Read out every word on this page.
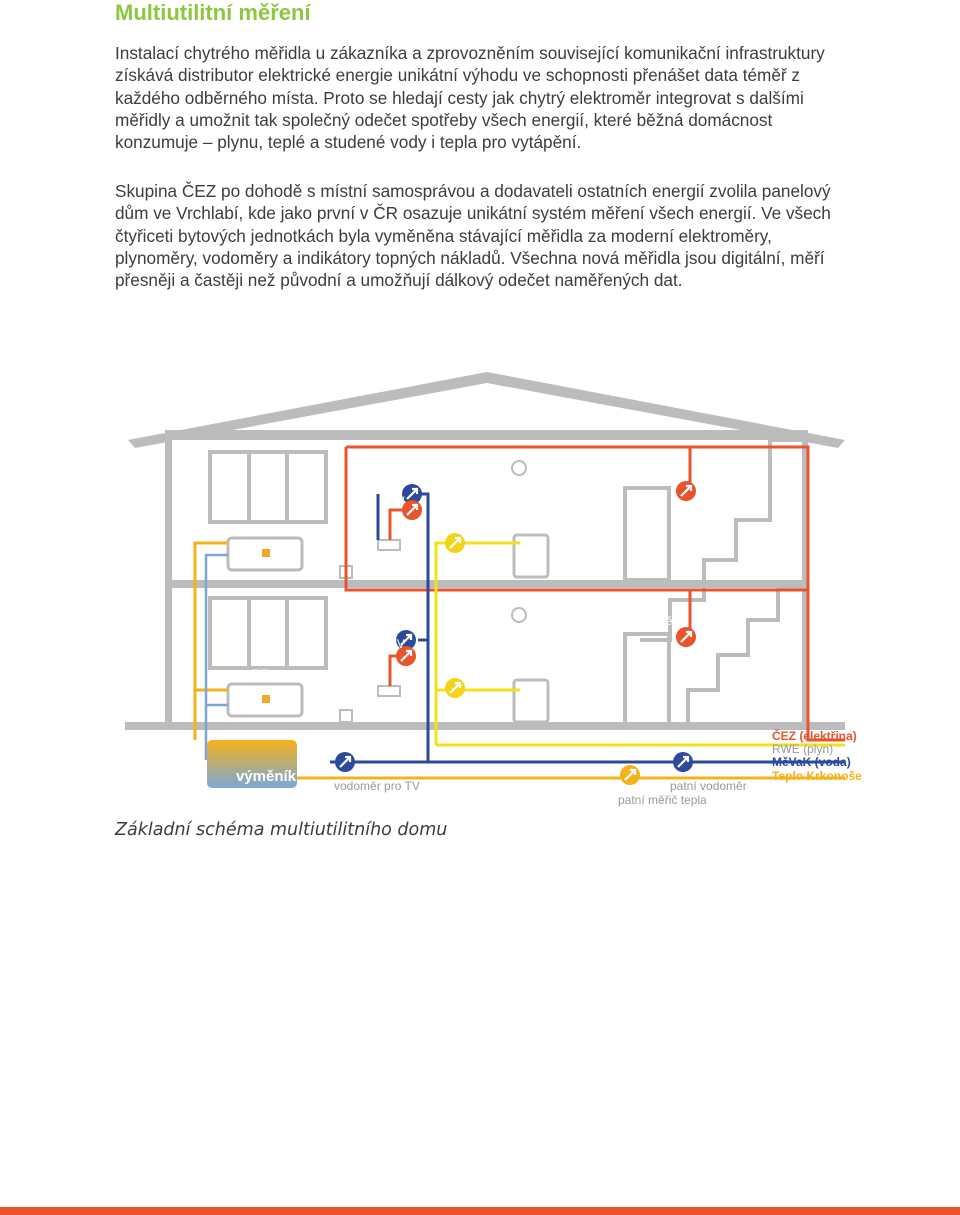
Multiutilitní měření

Instalací chytrého měřidla u zákazníka a zprovozněním související komunikační infrastruktury získává distributor elektrické energie unikátní výhodu ve schopnosti přenášet data téměř z každého odběrného místa. Proto se hledají cesty jak chytrý elektroměr integrovat s dalšími měřidly a umožnit tak společný odečet spotřeby všech energií, které běžná domácnost konzumuje – plynu, teplé a studené vody i tepla pro vytápění.

Skupina ČEZ po dohodě s místní samosprávou a dodavateli ostatních energií zvolila panelový dům ve Vrchlabí, kde jako první v ČR osazuje unikátní systém měření všech energií. Ve všech čtyřiceti bytových jednotkách byla vyměněna stávající měřidla za moderní elektroměry, plynoměry, vodoměry a indikátory topných nákladů. Všechna nová měřidla jsou digitální, měří přesněji a častěji než původní a umožňují dálkový odečet naměřených dat.

výměník
vodoměry
SV
TV
elektroměr
plynoměr
RTN
vodoměry
SV
TV
elektroměr
plynoměr
RTN
vodoměr pro TV	patní vodoměr
patní měřič tepla
ČEZ (elektřina)
RWE (plyn)
MěVaK (voda)
Teplo Krkonoše

Základní schéma multiutilitního domu
